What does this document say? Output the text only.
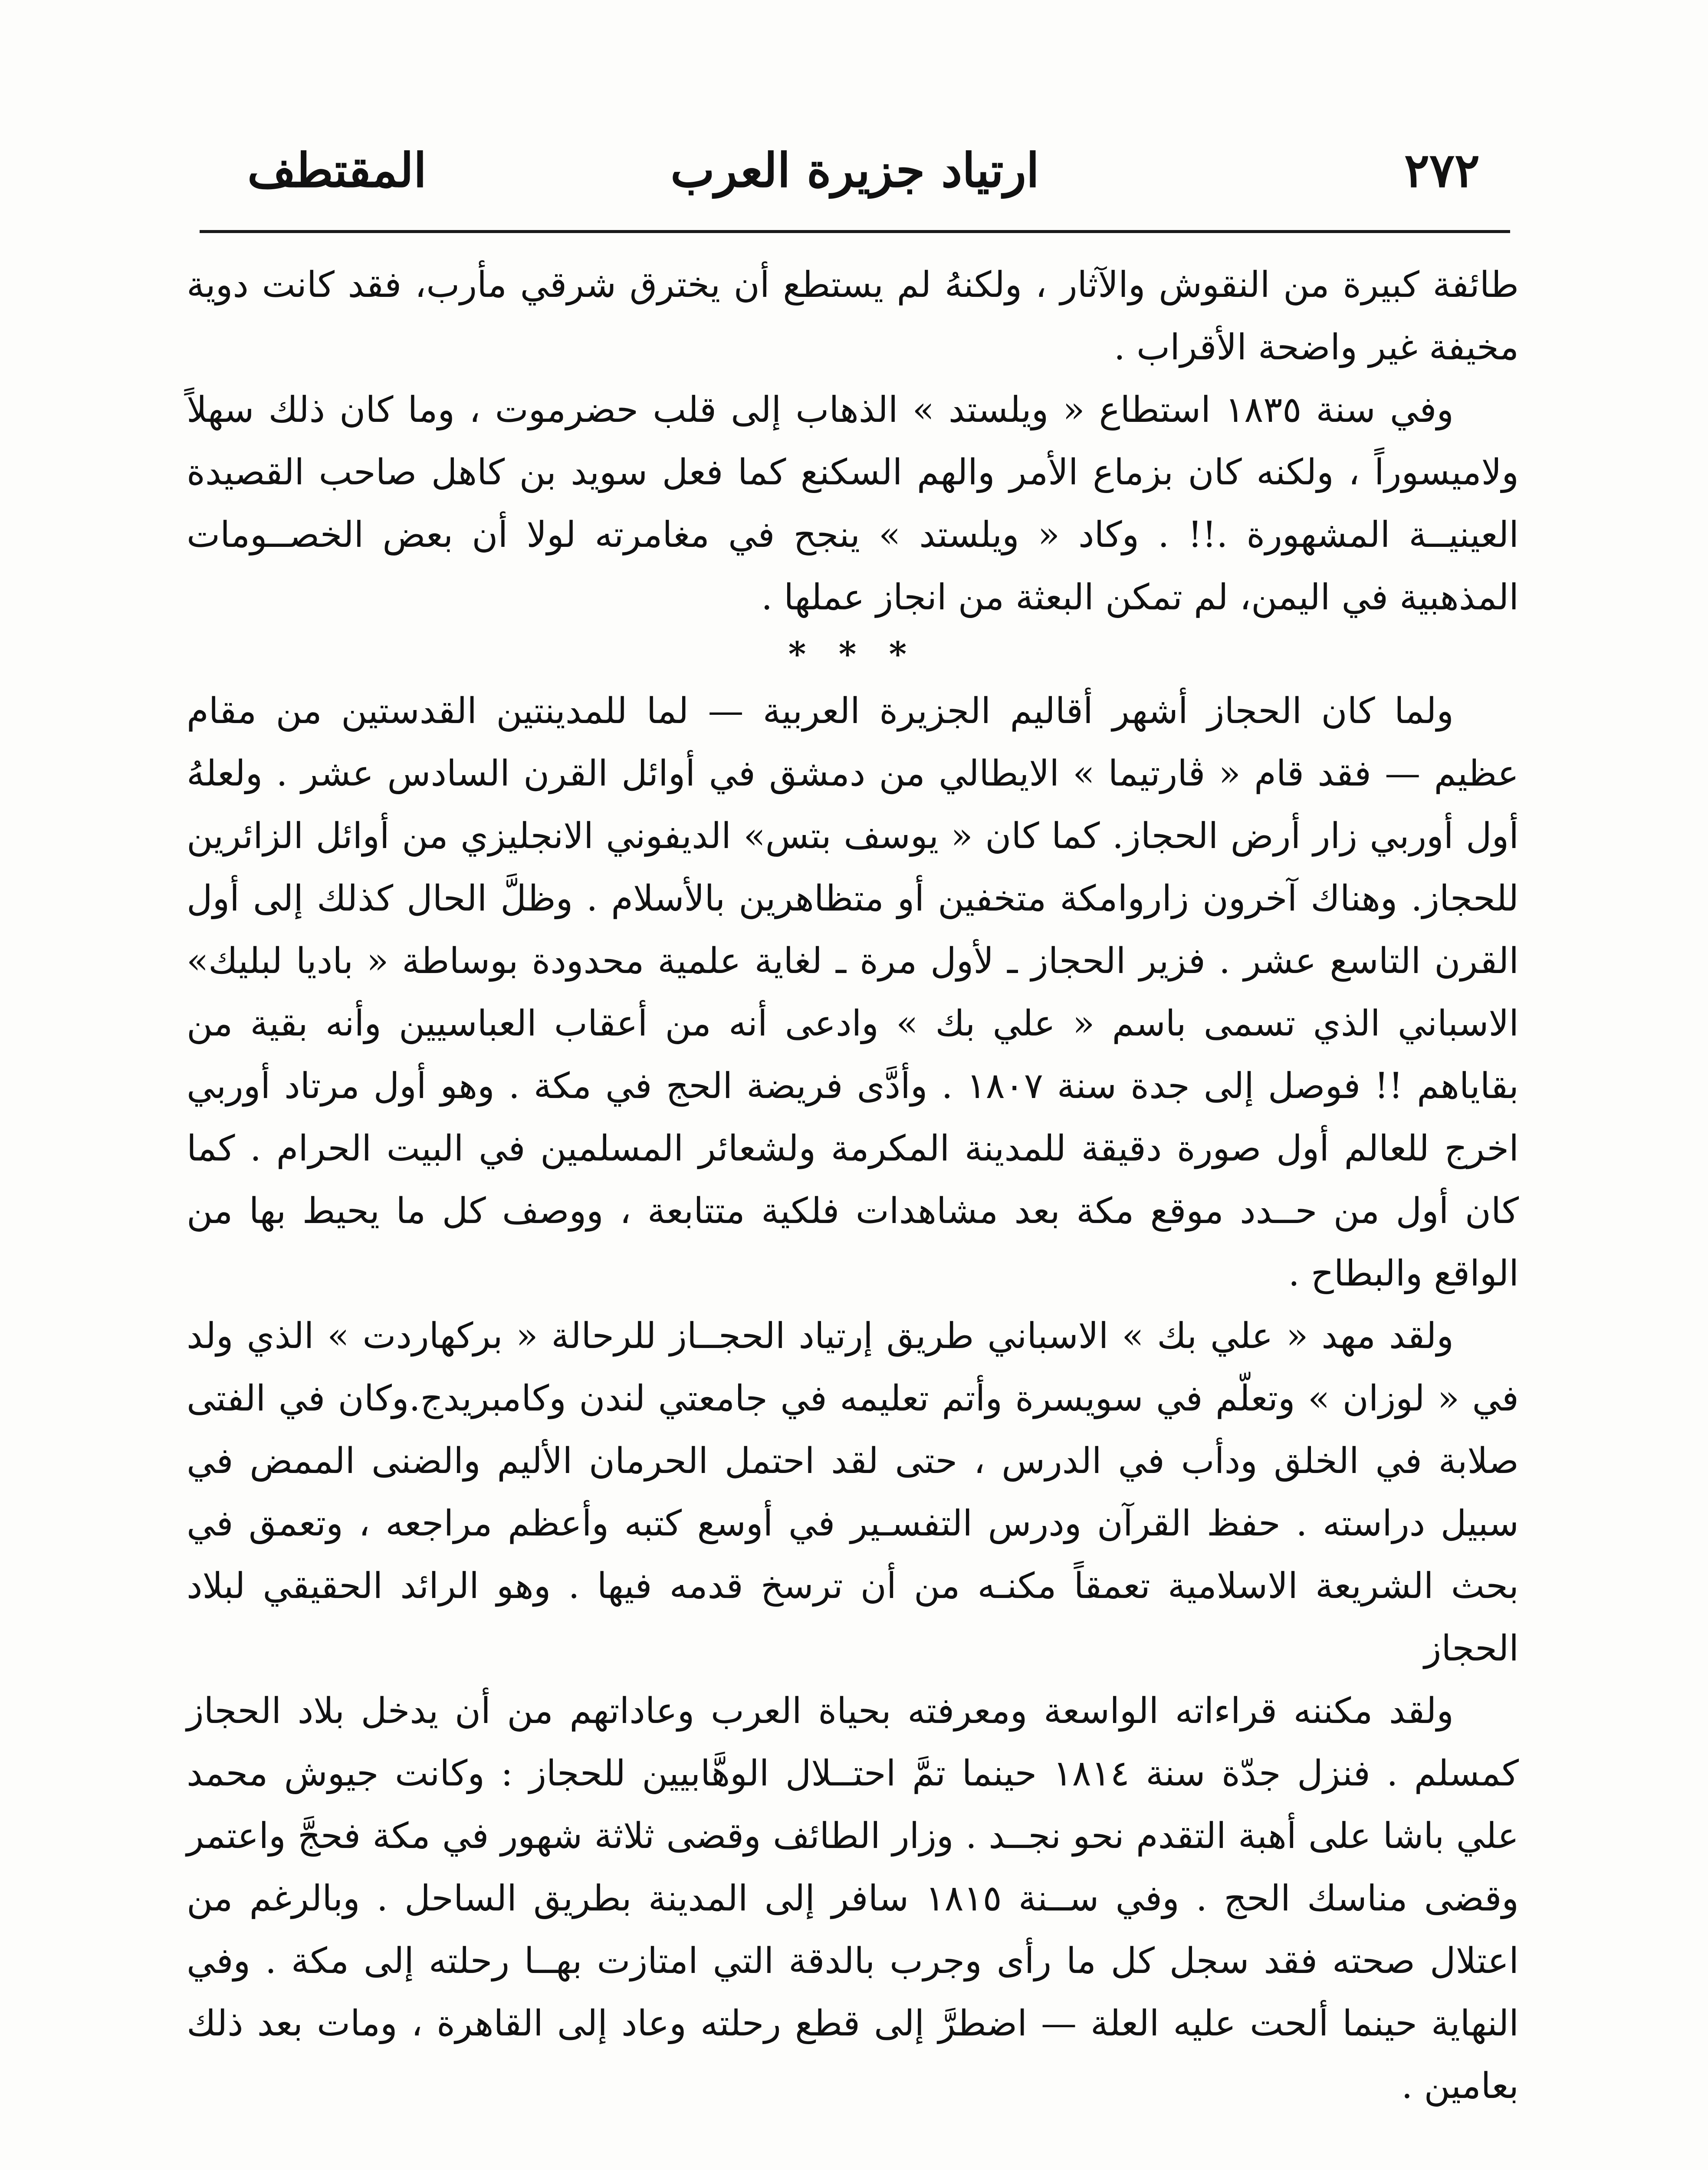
المقتطف	ارتياد جزيرة العرب	٢٧٢

طائفة كبيرة من النقوش والآثار ، ولكنهُ لم يستطع أن يخترق شرقي مأرب، فقد كانت دوية مخيفة غير واضحة الأقراب .

وفي سنة ١٨٣٥ استطاع « ويلستد » الذهاب إلى قلب حضرموت ، وما كان ذلك سهلاً ولاميسوراً ، ولكنه كان بزماع الأمر والهم السكنع كما فعل سويد بن كاهل صاحب القصيدة العينيــة المشهورة .!! . وكاد « ويلستد » ينجح في مغامرته لولا أن بعض الخصــومات المذهبية في اليمن، لم تمكن البعثة من انجاز عملها .

* * *

ولما كان الحجاز أشهر أقاليم الجزيرة العربية — لما للمدينتين القدستين من مقام عظيم — فقد قام « ڤارتيما » الايطالي من دمشق في أوائل القرن السادس عشر . ولعلهُ أول أوربي زار أرض الحجاز. كما كان « يوسف بتس» الديفوني الانجليزي من أوائل الزائرين للحجاز. وهناك آخرون زاروامكة متخفين أو متظاهرين بالأسلام . وظلَّ الحال كذلك إلى أول القرن التاسع عشر . فزير الحجاز ـ لأول مرة ـ لغاية علمية محدودة بوساطة « باديا لبليك» الاسباني الذي تسمى باسم « علي بك » وادعى أنه من أعقاب العباسيين وأنه بقية من بقاياهم !! فوصل إلى جدة سنة ١٨٠٧ . وأدَّى فريضة الحج في مكة . وهو أول مرتاد أوربي اخرج للعالم أول صورة دقيقة للمدينة المكرمة ولشعائر المسلمين في البيت الحرام . كما كان أول من حــدد موقع مكة بعد مشاهدات فلكية متتابعة ، ووصف كل ما يحيط بها من الواقع والبطاح .

ولقد مهد « علي بك » الاسباني طريق إرتياد الحجــاز للرحالة « بركهاردت » الذي ولد في « لوزان » وتعلّم في سويسرة وأتم تعليمه في جامعتي لندن وكامبريدج.وكان في الفتى صلابة في الخلق ودأب في الدرس ، حتى لقد احتمل الحرمان الأليم والضنى الممض في سبيل دراسته . حفظ القرآن ودرس التفسـير في أوسع كتبه وأعظم مراجعه ، وتعمق في بحث الشريعة الاسلامية تعمقاً مكنـه من أن ترسخ قدمه فيها . وهو الرائد الحقيقي لبلاد الحجاز

ولقد مكننه قراءاته الواسعة ومعرفته بحياة العرب وعاداتهم من أن يدخل بلاد الحجاز كمسلم . فنزل جدّة سنة ١٨١٤ حينما تمَّ احتــلال الوهَّابيين للحجاز : وكانت جيوش محمد علي باشا على أهبة التقدم نحو نجــد . وزار الطائف وقضى ثلاثة شهور في مكة فحجَّ واعتمر وقضى مناسك الحج . وفي ســنة ١٨١٥ سافر إلى المدينة بطريق الساحل . وبالرغم من اعتلال صحته فقد سجل كل ما رأى وجرب بالدقة التي امتازت بهــا رحلته إلى مكة . وفي النهاية حينما ألحت عليه العلة — اضطرَّ إلى قطع رحلته وعاد إلى القاهرة ، ومات بعد ذلك بعامين .
